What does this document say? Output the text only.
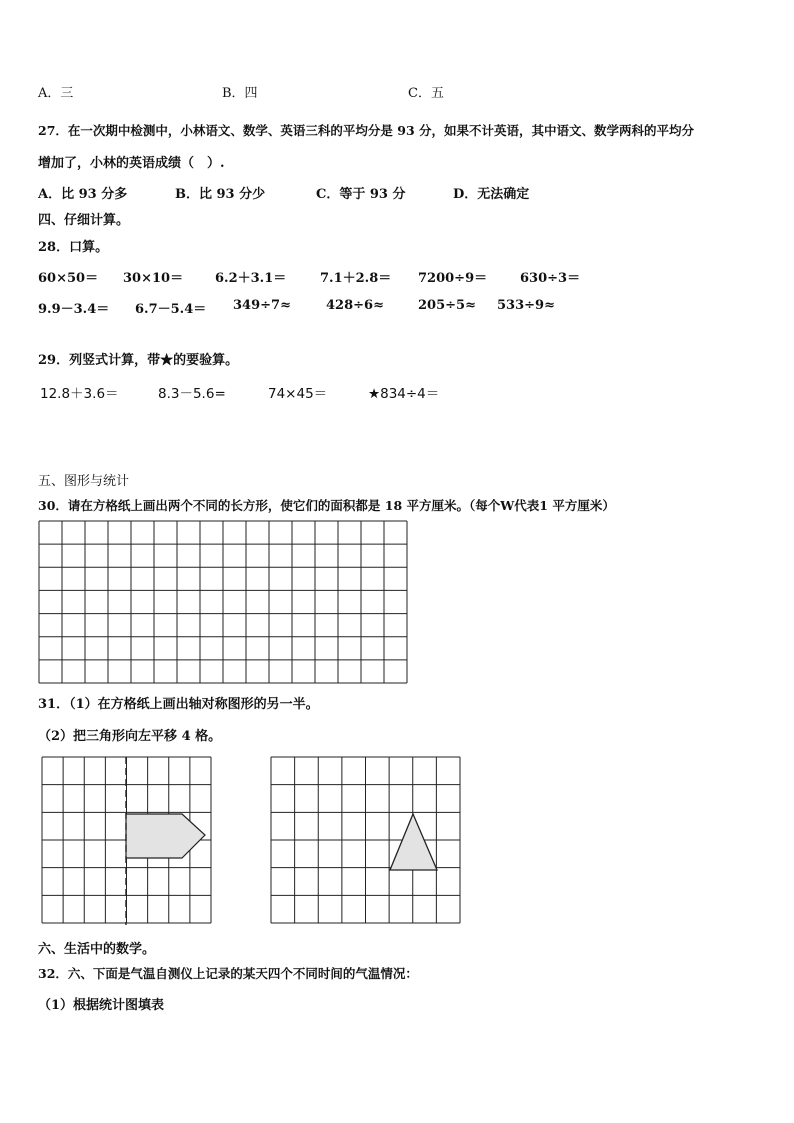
A．三	B．四	C．五
27．在一次期中检测中，小林语文、数学、英语三科的平均分是 93 分，如果不计英语，其中语文、数学两科的平均分
增加了，小林的英语成绩（　）.
A．比 93 分多	B．比 93 分少	C．等于 93 分	D．无法确定
四、仔细计算。
28．口算。
60×50＝ 30×10＝ 6.2＋3.1＝	7.1＋2.8＝ 7200÷9＝	630÷3＝
9.9－3.4＝ 6.7－5.4＝ 349÷7≈	428÷6≈	205÷5≈ 533÷9≈
29．列竖式计算，带★的要验算。
12.8＋3.6＝	8.3－5.6=	74×45＝	★834÷4＝
五、图形与统计
30．请在方格纸上画出两个不同的长方形，使它们的面积都是 18 平方厘米。（每个W代表1 平方厘米）
31．（1）在方格纸上画出轴对称图形的另一半。
（2）把三角形向左平移 4 格。
六、生活中的数学。
32．六、下面是气温自测仪上记录的某天四个不同时间的气温情况：
（1）根据统计图填表
